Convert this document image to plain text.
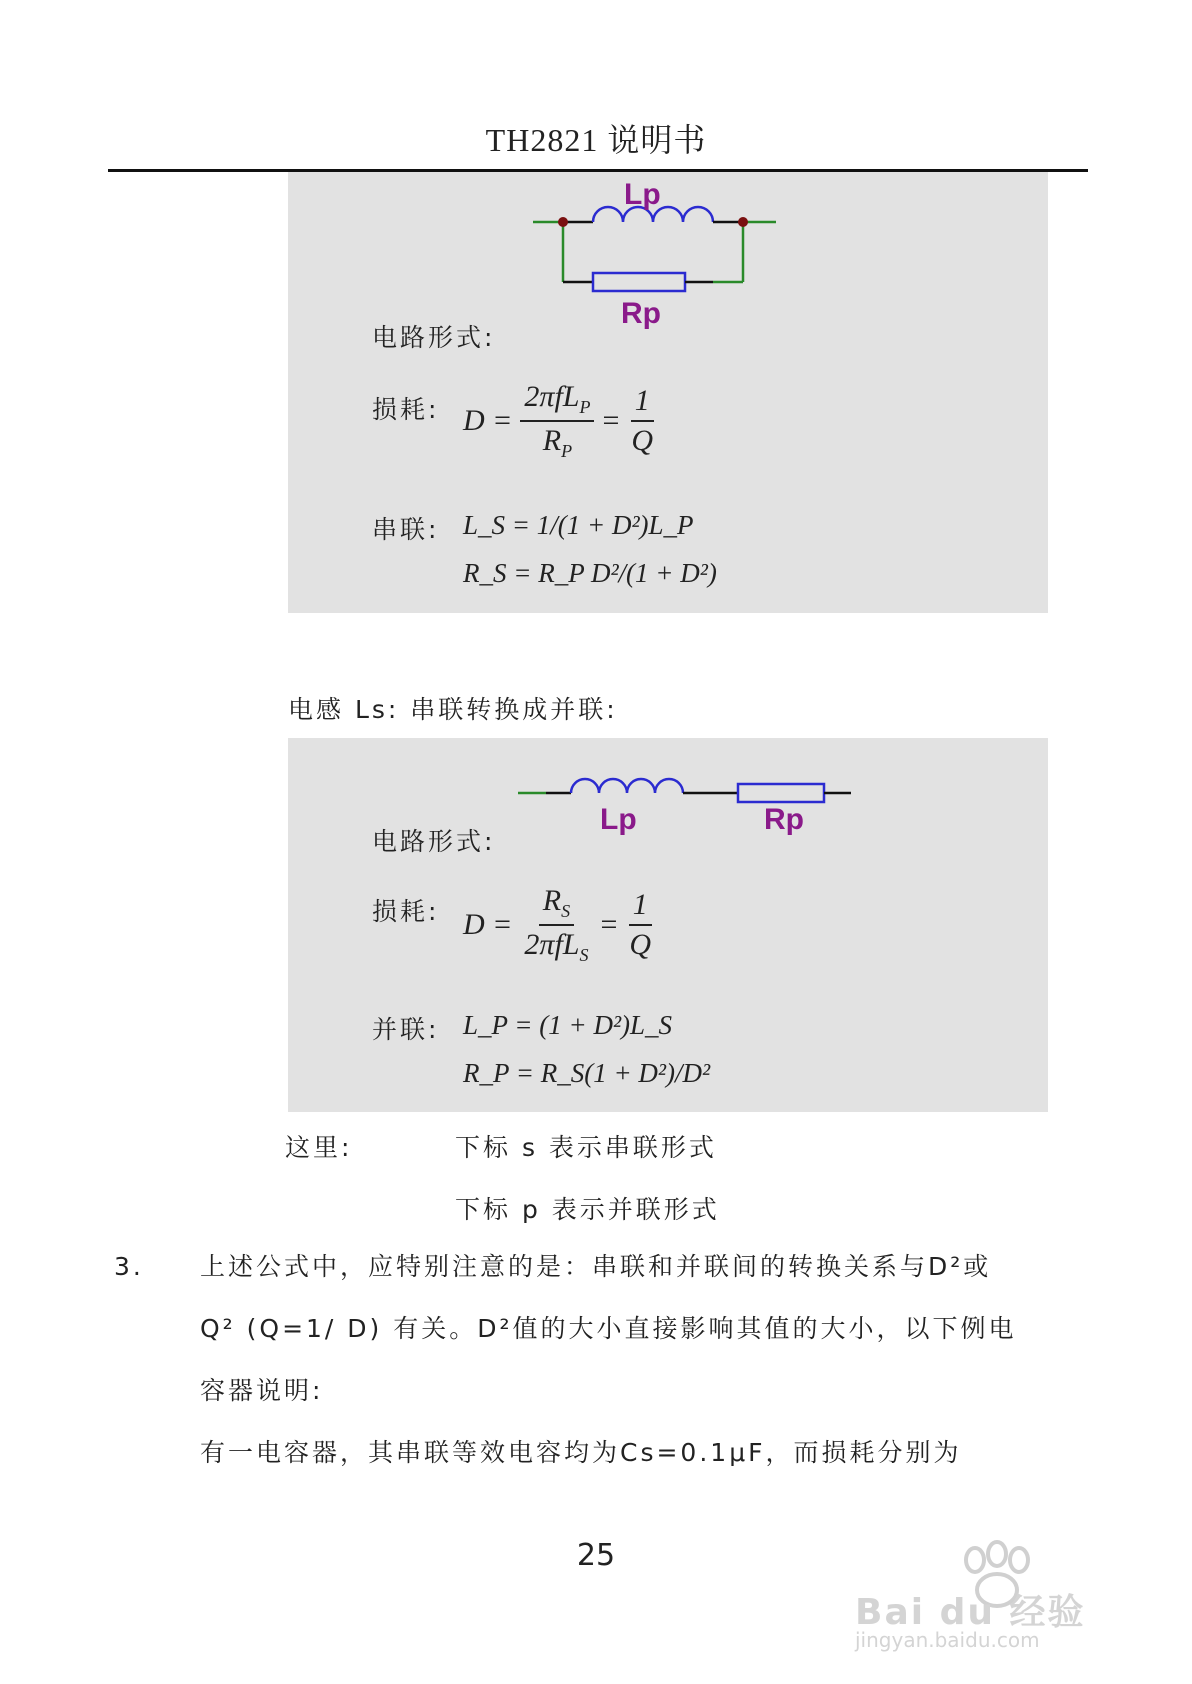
TH2821 说明书
Lp
Rp
电路形式:
损耗: $D = \frac{2\pi fL_P}{R_P} = \frac{1}{Q}$
串联: L_S = 1/(1 + D²)L_P
R_S = R_P D²/(1 + D²)
电感 Ls: 串联转换成并联:
Lp	Rp
电路形式:
损耗: $D = \frac{R_S}{2\pi fL_S} = \frac{1}{Q}$
并联: L_P = (1 + D²)L_S
R_P = R_S(1 + D²)/D²
这里:	下标 s 表示串联形式
下标 p 表示并联形式
3. 上述公式中，应特别注意的是：串联和并联间的转换关系与D²或
Q² (Q=1/ D) 有关。D²值的大小直接影响其值的大小，以下例电
容器说明:
有一电容器，其串联等效电容均为Cs=0.1μF，而损耗分别为
25
Bai du 经验
jingyan.baidu.com
